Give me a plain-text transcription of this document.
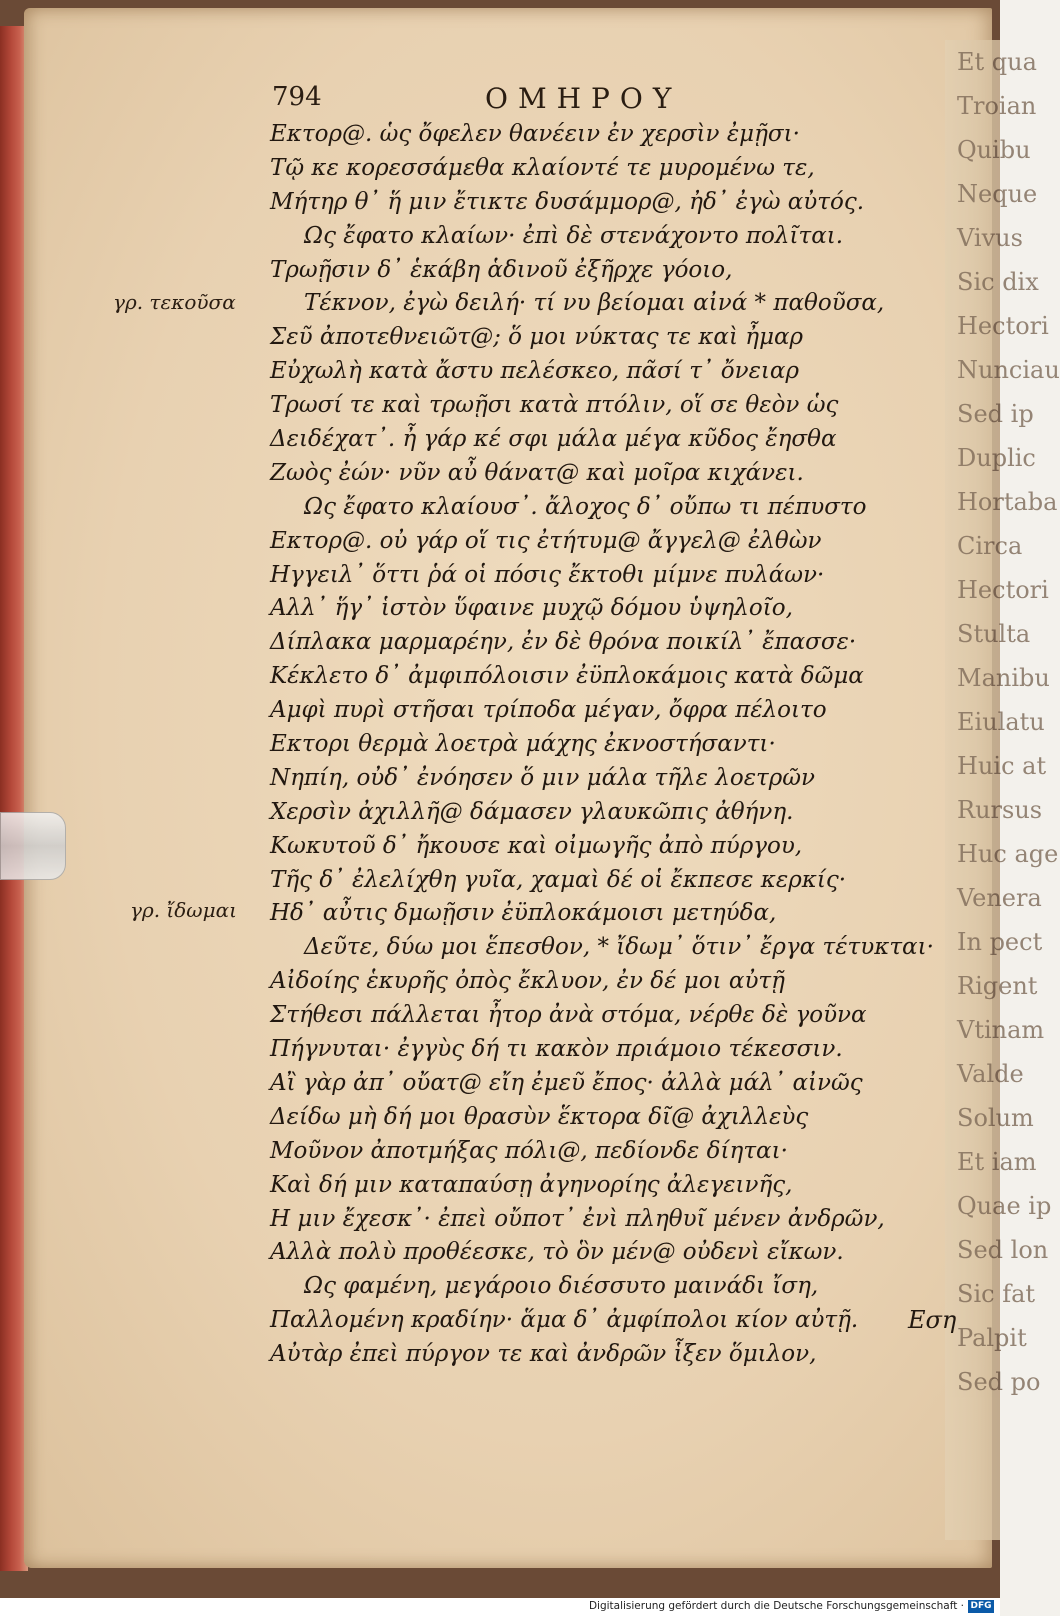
Et qua
Troian
Quibu
Neque
Vivus
Sic dix
Hectori
Nunciau
Sed ip
Duplic
Hortaba
Circa
Hectori
Stulta
Manibu
Eiulatu
Huic at
Rursus
Huc age
Venera
In pect
Rigent
Vtinam
Valde
Solum
Et iam
Quae ip
Sed lon
Sic fat
Palpit
Sed po
794	ΟΜΗΡΟΥ
γρ. τεκοῦσα
γρ. ἴδωμαι
Εκτορ@. ὡς ὄφελεν θανέειν ἐν χερσὶν ἐμῇσι·
Τῷ κε κορεσσάμεθα κλαίοντέ τε μυρομένω τε,
Μήτηρ θ᾽ ἥ μιν ἔτικτε δυσάμμορ@, ἠδ᾽ ἐγὼ αὐτός.
Ως ἔφατο κλαίων· ἐπὶ δὲ στενάχοντο πολῖται.
Τρωῇσιν δ᾽ ἑκάβη ἁδινοῦ ἐξῆρχε γόοιο,
Τέκνον, ἐγὼ δειλή· τί νυ βείομαι αἰνά * παθοῦσα,
Σεῦ ἀποτεθνειῶτ@; ὅ μοι νύκτας τε καὶ ἦμαρ
Εὐχωλὴ κατὰ ἄστυ πελέσκεο, πᾶσί τ᾽ ὄνειαρ
Τρωσί τε καὶ τρωῇσι κατὰ πτόλιν, οἵ σε θεὸν ὡς
Δειδέχατ᾽. ἦ γάρ κέ σφι μάλα μέγα κῦδος ἔησθα
Ζωὸς ἐών· νῦν αὖ θάνατ@ καὶ μοῖρα κιχάνει.
Ως ἔφατο κλαίουσ᾽. ἄλοχος δ᾽ οὔπω τι πέπυστο
Εκτορ@. οὐ γάρ οἵ τις ἐτήτυμ@ ἄγγελ@ ἐλθὼν
Ηγγειλ᾽ ὅττι ῥά οἱ πόσις ἔκτοθι μίμνε πυλάων·
Αλλ᾽ ἥγ᾽ ἱστὸν ὕφαινε μυχῷ δόμου ὑψηλοῖο,
Δίπλακα μαρμαρέην, ἐν δὲ θρόνα ποικίλ᾽ ἔπασσε·
Κέκλετο δ᾽ ἀμφιπόλοισιν ἐϋπλοκάμοις κατὰ δῶμα
Αμφὶ πυρὶ στῆσαι τρίποδα μέγαν, ὄφρα πέλοιτο
Εκτορι θερμὰ λοετρὰ μάχης ἐκνοστήσαντι·
Νηπίη, οὐδ᾽ ἐνόησεν ὅ μιν μάλα τῆλε λοετρῶν
Χερσὶν ἀχιλλῆ@ δάμασεν γλαυκῶπις ἀθήνη.
Κωκυτοῦ δ᾽ ἤκουσε καὶ οἰμωγῆς ἀπὸ πύργου,
Τῆς δ᾽ ἐλελίχθη γυῖα, χαμαὶ δέ οἱ ἔκπεσε κερκίς·
Ηδ᾽ αὖτις δμωῇσιν ἐϋπλοκάμοισι μετηύδα,
Δεῦτε, δύω μοι ἕπεσθον, * ἴδωμ᾽ ὅτιν᾽ ἔργα τέτυκται·
Αἰδοίης ἑκυρῆς ὀπὸς ἔκλυον, ἐν δέ μοι αὐτῇ
Στήθεσι πάλλεται ἦτορ ἀνὰ στόμα, νέρθε δὲ γοῦνα
Πήγνυται· ἐγγὺς δή τι κακὸν πριάμοιο τέκεσσιν.
Αἲ γὰρ ἀπ᾽ οὔατ@ εἴη ἐμεῦ ἔπος· ἀλλὰ μάλ᾽ αἰνῶς
Δείδω μὴ δή μοι θρασὺν ἕκτορα δῖ@ ἀχιλλεὺς
Μοῦνον ἀποτμήξας πόλι@, πεδίονδε δίηται·
Καὶ δή μιν καταπαύσῃ ἀγηνορίης ἀλεγεινῆς,
Η μιν ἔχεσκ᾽· ἐπεὶ οὔποτ᾽ ἐνὶ πληθυῖ μένεν ἀνδρῶν,
Αλλὰ πολὺ προθέεσκε, τὸ ὃν μέν@ οὐδενὶ εἴκων.
Ως φαμένη, μεγάροιο διέσσυτο μαινάδι ἴση,
Παλλομένη κραδίην· ἅμα δ᾽ ἀμφίπολοι κίον αὐτῇ.
Αὐτὰρ ἐπεὶ πύργον τε καὶ ἀνδρῶν ἷξεν ὅμιλον,
Εση
Digitalisierung gefördert durch die Deutsche Forschungsgemeinschaft · DFG
